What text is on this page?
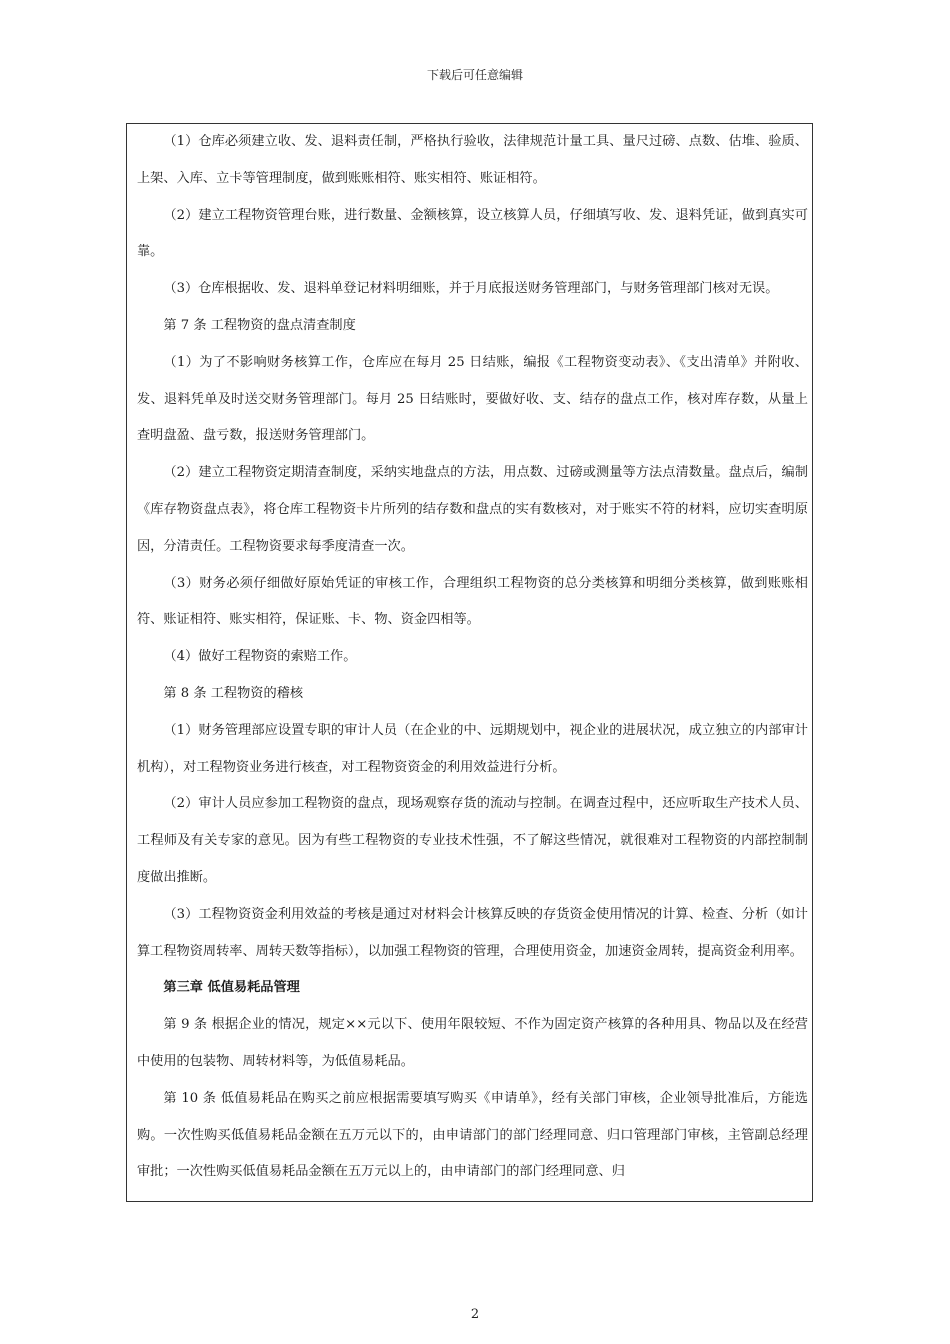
下载后可任意编辑

（1）仓库必须建立收、发、退料责任制，严格执行验收，法律规范计量工具、量尺过磅、点数、估堆、验质、上架、入库、立卡等管理制度，做到账账相符、账实相符、账证相符。

（2）建立工程物资管理台账，进行数量、金额核算，设立核算人员，仔细填写收、发、退料凭证，做到真实可靠。

（3）仓库根据收、发、退料单登记材料明细账，并于月底报送财务管理部门，与财务管理部门核对无误。

第 7 条 工程物资的盘点清查制度

（1）为了不影响财务核算工作，仓库应在每月 25 日结账，编报《工程物资变动表》、《支出清单》并附收、发、退料凭单及时送交财务管理部门。每月 25 日结账时，要做好收、支、结存的盘点工作，核对库存数，从量上查明盘盈、盘亏数，报送财务管理部门。

（2）建立工程物资定期清查制度，采纳实地盘点的方法，用点数、过磅或测量等方法点清数量。盘点后，编制《库存物资盘点表》，将仓库工程物资卡片所列的结存数和盘点的实有数核对，对于账实不符的材料，应切实查明原因，分清责任。工程物资要求每季度清查一次。

（3）财务必须仔细做好原始凭证的审核工作，合理组织工程物资的总分类核算和明细分类核算，做到账账相符、账证相符、账实相符，保证账、卡、物、资金四相等。

（4）做好工程物资的索赔工作。

第 8 条 工程物资的稽核

（1）财务管理部应设置专职的审计人员（在企业的中、远期规划中，视企业的进展状况，成立独立的内部审计机构），对工程物资业务进行核查，对工程物资资金的利用效益进行分析。

（2）审计人员应参加工程物资的盘点，现场观察存货的流动与控制。在调查过程中，还应听取生产技术人员、工程师及有关专家的意见。因为有些工程物资的专业技术性强，不了解这些情况，就很难对工程物资的内部控制制度做出推断。

（3）工程物资资金利用效益的考核是通过对材料会计核算反映的存货资金使用情况的计算、检查、分析（如计算工程物资周转率、周转天数等指标），以加强工程物资的管理，合理使用资金，加速资金周转，提高资金利用率。

第三章 低值易耗品管理

第 9 条 根据企业的情况，规定××元以下、使用年限较短、不作为固定资产核算的各种用具、物品以及在经营中使用的包装物、周转材料等，为低值易耗品。

第 10 条 低值易耗品在购买之前应根据需要填写购买《申请单》，经有关部门审核，企业领导批准后，方能选购。一次性购买低值易耗品金额在五万元以下的，由申请部门的部门经理同意、归口管理部门审核，主管副总经理审批；一次性购买低值易耗品金额在五万元以上的，由申请部门的部门经理同意、归

2
